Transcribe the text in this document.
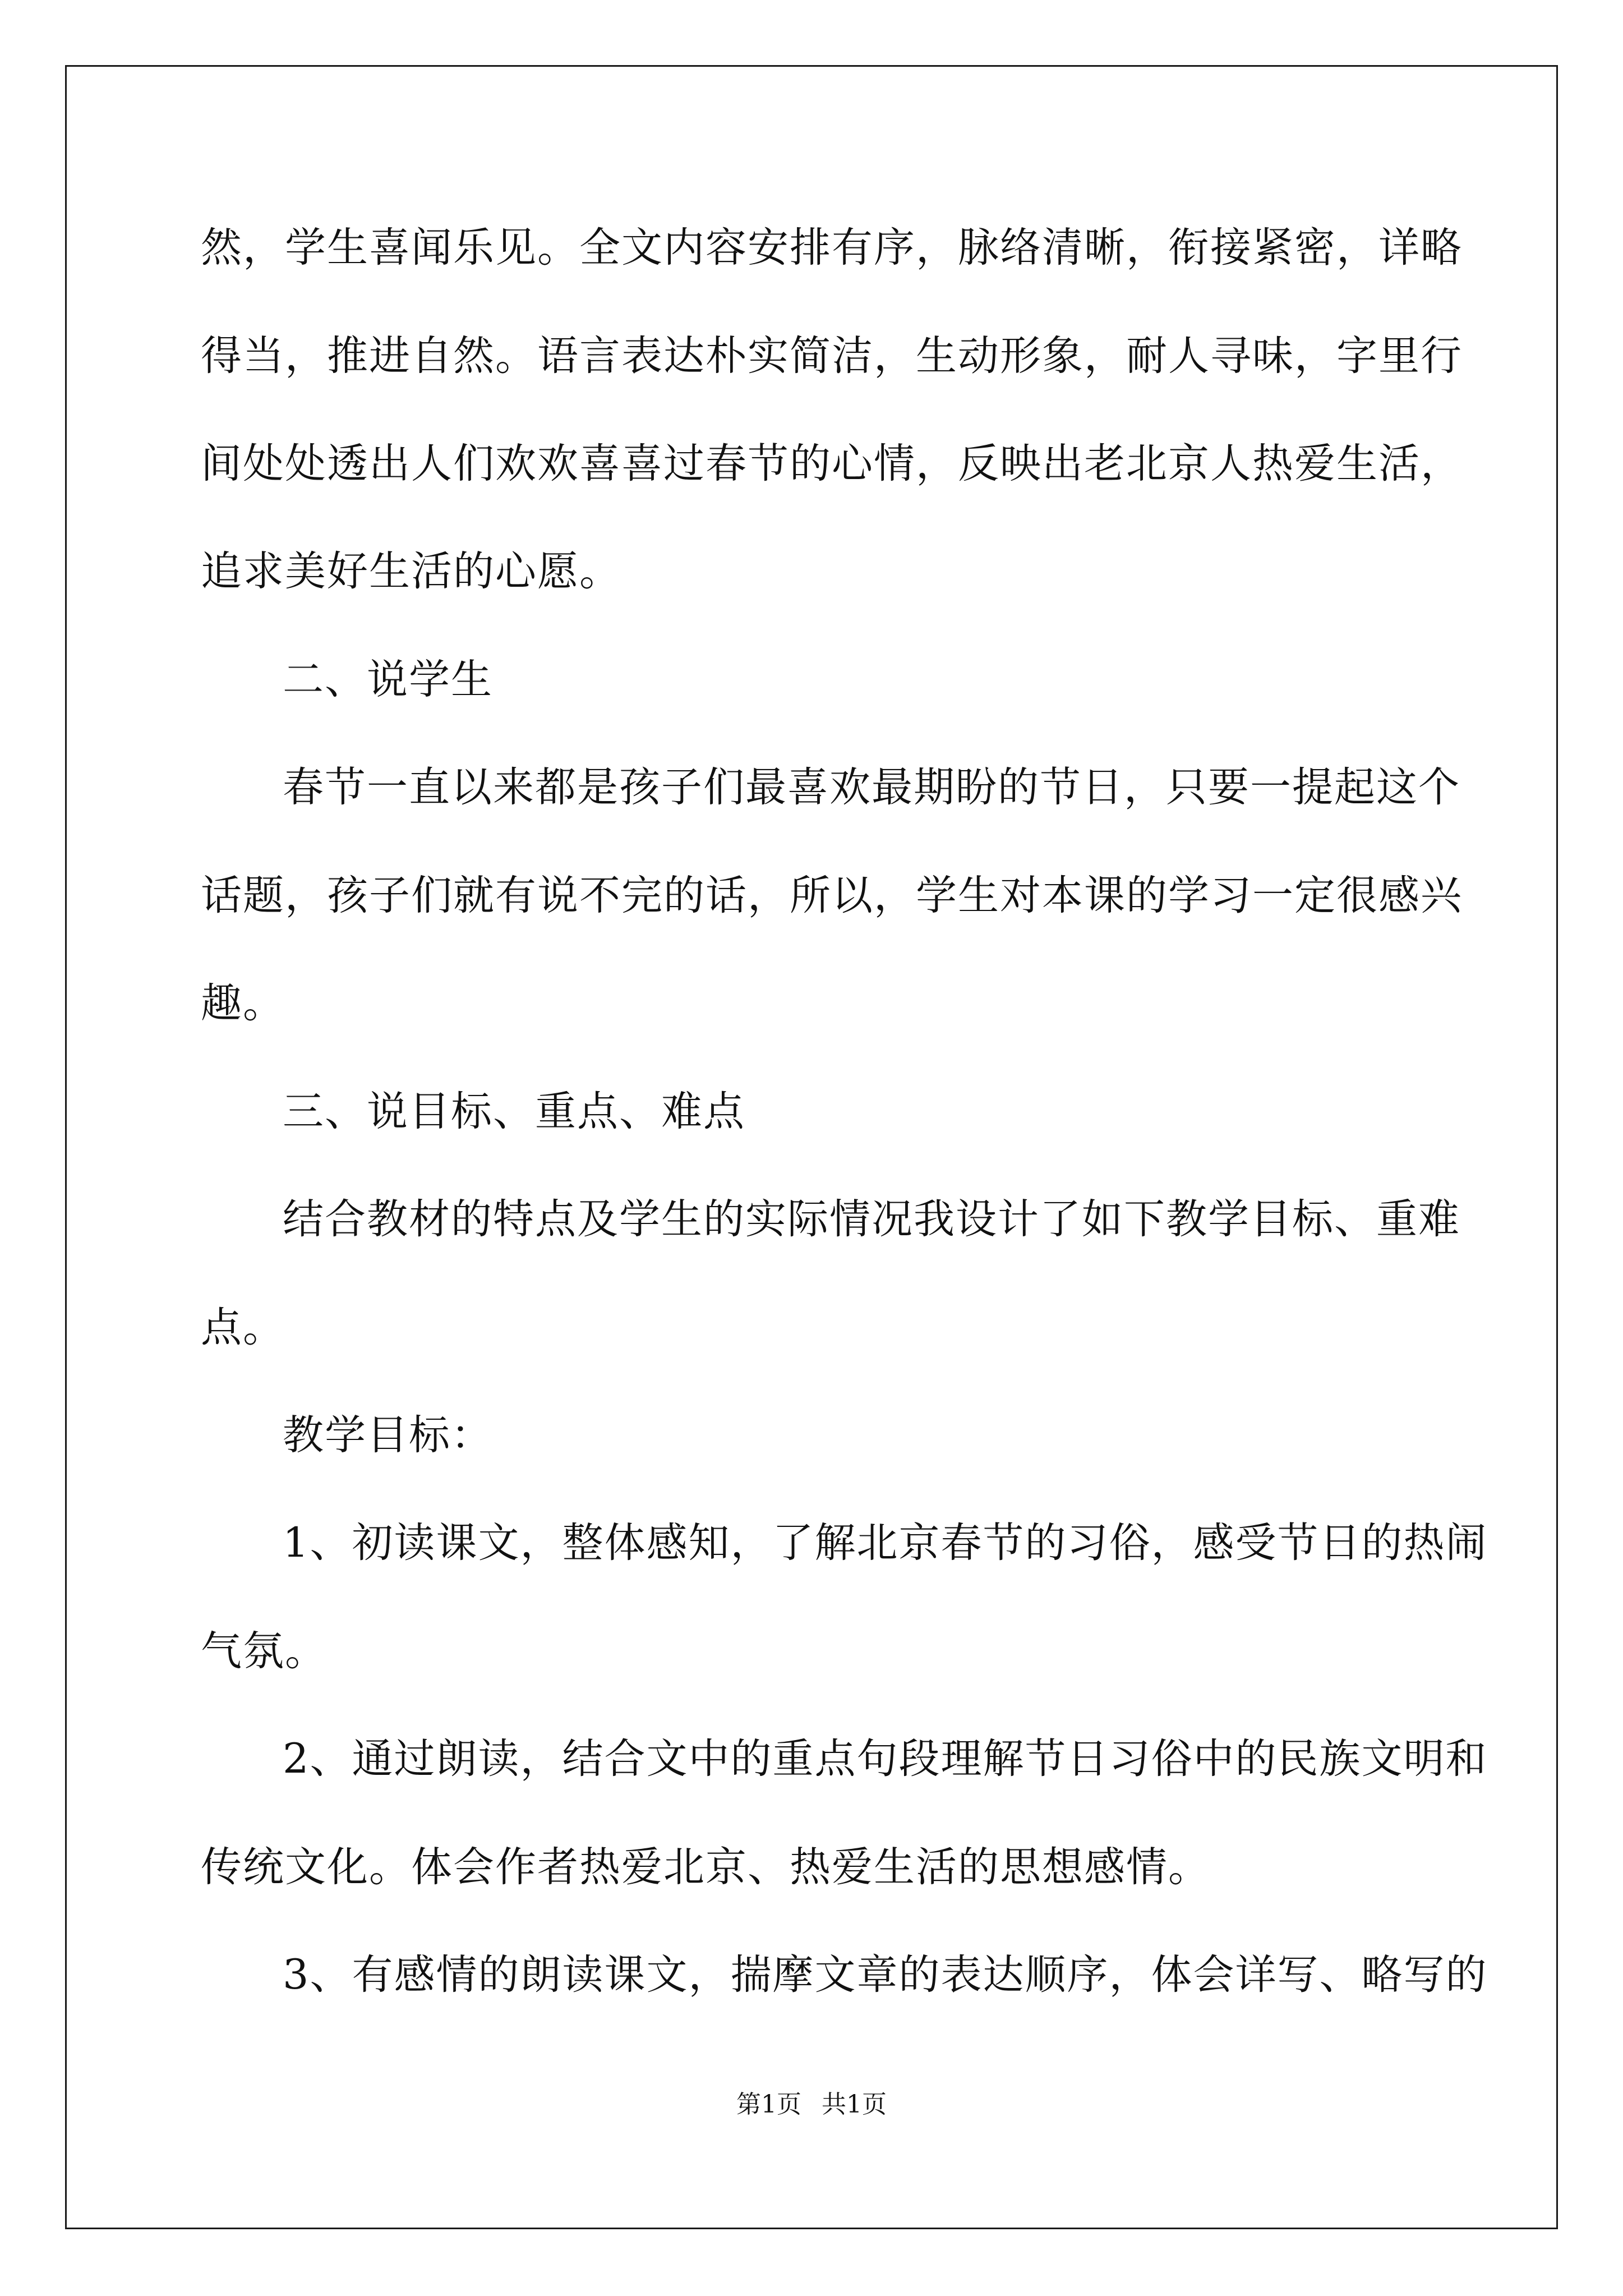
然，学生喜闻乐见。全文内容安排有序，脉络清晰，衔接紧密，详略
得当，推进自然。语言表达朴实简洁，生动形象，耐人寻味，字里行
间处处透出人们欢欢喜喜过春节的心情，反映出老北京人热爱生活，
追求美好生活的心愿。
二、说学生
春节一直以来都是孩子们最喜欢最期盼的节日，只要一提起这个
话题，孩子们就有说不完的话，所以，学生对本课的学习一定很感兴
趣。
三、说目标、重点、难点
结合教材的特点及学生的实际情况我设计了如下教学目标、重难
点。
教学目标：
1、初读课文，整体感知，了解北京春节的习俗，感受节日的热闹
气氛。
2、通过朗读，结合文中的重点句段理解节日习俗中的民族文明和
传统文化。体会作者热爱北京、热爱生活的思想感情。
3、有感情的朗读课文，揣摩文章的表达顺序，体会详写、略写的
第1页 共1页
